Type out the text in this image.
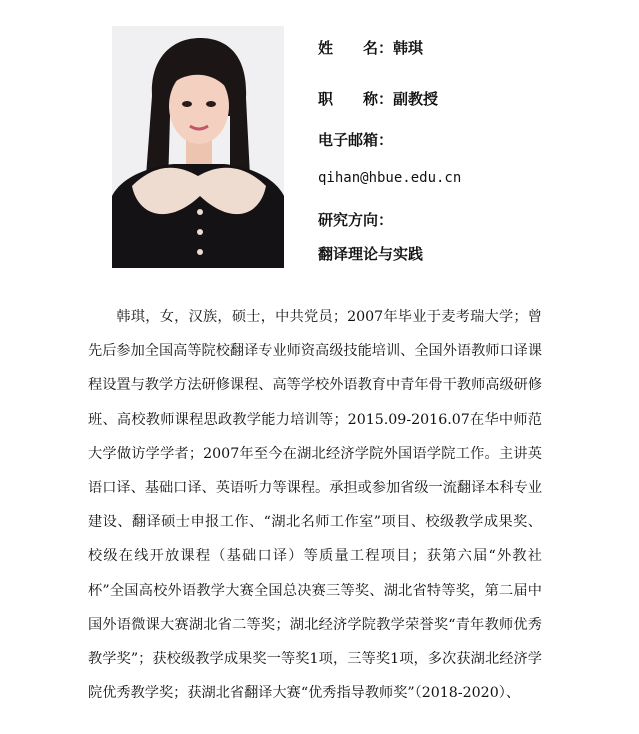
姓　　名：韩琪
职　　称：副教授
电子邮箱：
qihan@hbue.edu.cn
研究方向：
翻译理论与实践

韩琪，女，汉族，硕士，中共党员；2007年毕业于麦考瑞大学；曾先后参加全国高等院校翻译专业师资高级技能培训、全国外语教师口译课程设置与教学方法研修课程、高等学校外语教育中青年骨干教师高级研修班、高校教师课程思政教学能力培训等；2015.09-2016.07在华中师范大学做访学学者；2007年至今在湖北经济学院外国语学院工作。主讲英语口译、基础口译、英语听力等课程。承担或参加省级一流翻译本科专业建设、翻译硕士申报工作、“湖北名师工作室”项目、校级教学成果奖、校级在线开放课程（基础口译）等质量工程项目；获第六届“外教社杯”全国高校外语教学大赛全国总决赛三等奖、湖北省特等奖，第二届中国外语微课大赛湖北省二等奖；湖北经济学院教学荣誉奖“青年教师优秀教学奖”；获校级教学成果奖一等奖1项，三等奖1项，多次获湖北经济学院优秀教学奖；获湖北省翻译大赛“优秀指导教师奖”（2018-2020）、
